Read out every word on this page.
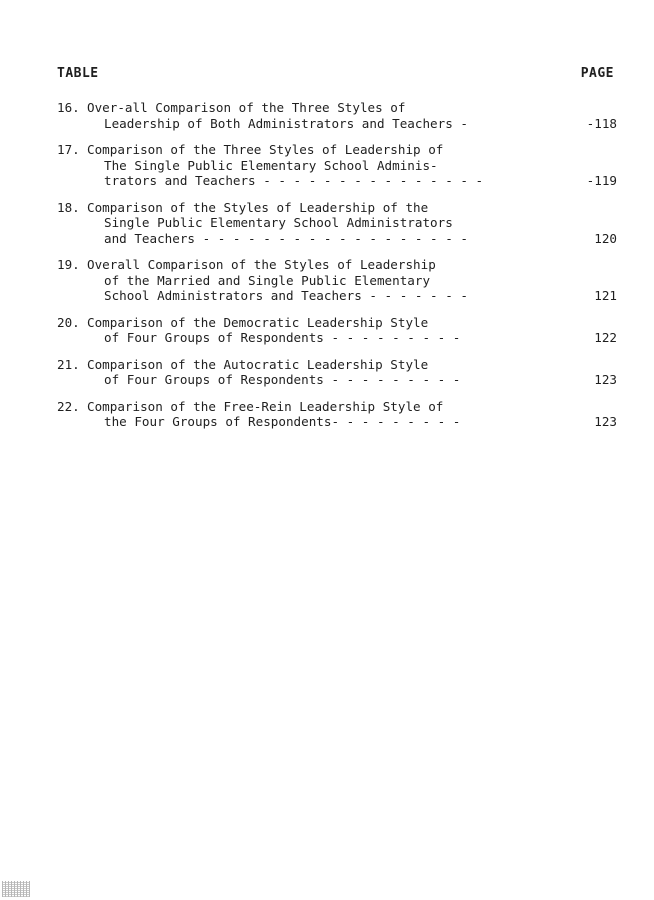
TABLE	PAGE
16. Over-all Comparison of the Three Styles of
Leadership of Both Administrators and Teachers -	-118
17. Comparison of the Three Styles of Leadership of
The Single Public Elementary School Adminis-
trators and Teachers - - - - - - - - - - - - - - -	-119
18. Comparison of the Styles of Leadership of the
Single Public Elementary School Administrators
and Teachers - - - - - - - - - - - - - - - - - -	120
19. Overall Comparison of the Styles of Leadership
of the Married and Single Public Elementary
School Administrators and Teachers - - - - - - -	121
20. Comparison of the Democratic Leadership Style
of Four Groups of Respondents - - - - - - - - -	122
21. Comparison of the Autocratic Leadership Style
of Four Groups of Respondents - - - - - - - - -	123
22. Comparison of the Free-Rein Leadership Style of
the Four Groups of Respondents- - - - - - - - -	123
